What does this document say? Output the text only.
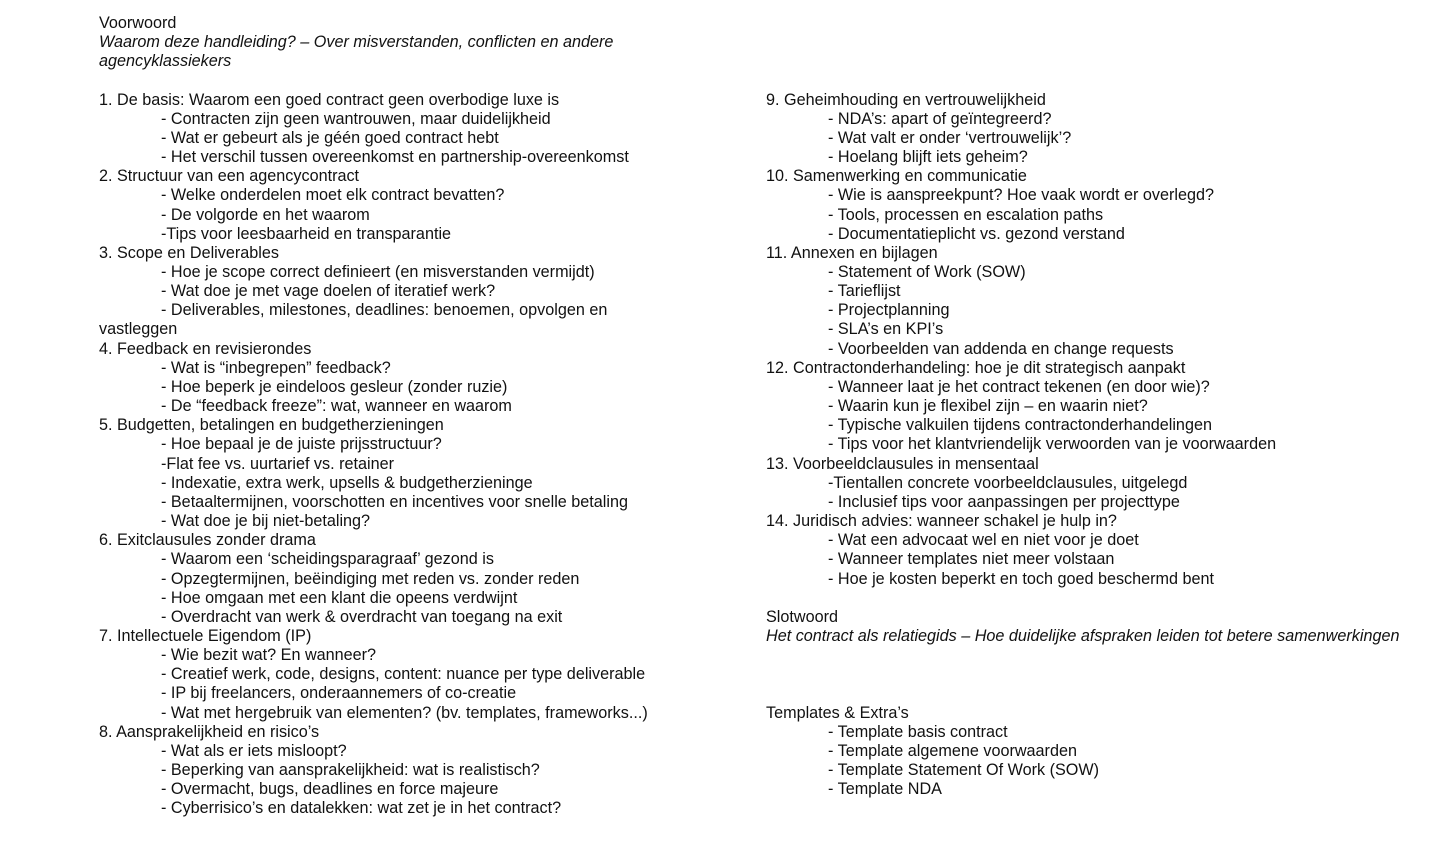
Voorwoord
Waarom deze handleiding? – Over misverstanden, conflicten en andere agencyklassiekers
1. De basis: Waarom een goed contract geen overbodige luxe is
- Contracten zijn geen wantrouwen, maar duidelijkheid
- Wat er gebeurt als je géén goed contract hebt
- Het verschil tussen overeenkomst en partnership-overeenkomst
2. Structuur van een agencycontract
- Welke onderdelen moet elk contract bevatten?
- De volgorde en het waarom
-Tips voor leesbaarheid en transparantie
3. Scope en Deliverables
- Hoe je scope correct definieert (en misverstanden vermijdt)
- Wat doe je met vage doelen of iteratief werk?
- Deliverables, milestones, deadlines: benoemen, opvolgen en
vastleggen
4. Feedback en revisierondes
- Wat is “inbegrepen” feedback?
- Hoe beperk je eindeloos gesleur (zonder ruzie)
- De “feedback freeze”: wat, wanneer en waarom
5. Budgetten, betalingen en budgetherzieningen
- Hoe bepaal je de juiste prijsstructuur?
-Flat fee vs. uurtarief vs. retainer
- Indexatie, extra werk, upsells & budgetherzieninge
- Betaaltermijnen, voorschotten en incentives voor snelle betaling
- Wat doe je bij niet-betaling?
6. Exitclausules zonder drama
- Waarom een ‘scheidingsparagraaf’ gezond is
- Opzegtermijnen, beëindiging met reden vs. zonder reden
- Hoe omgaan met een klant die opeens verdwijnt
- Overdracht van werk & overdracht van toegang na exit
7. Intellectuele Eigendom (IP)
- Wie bezit wat? En wanneer?
- Creatief werk, code, designs, content: nuance per type deliverable
- IP bij freelancers, onderaannemers of co-creatie
- Wat met hergebruik van elementen? (bv. templates, frameworks...)
8. Aansprakelijkheid en risico’s
- Wat als er iets misloopt?
- Beperking van aansprakelijkheid: wat is realistisch?
- Overmacht, bugs, deadlines en force majeure
- Cyberrisico’s en datalekken: wat zet je in het contract?
9. Geheimhouding en vertrouwelijkheid
- NDA’s: apart of geïntegreerd?
- Wat valt er onder ‘vertrouwelijk’?
- Hoelang blijft iets geheim?
10. Samenwerking en communicatie
- Wie is aanspreekpunt? Hoe vaak wordt er overlegd?
- Tools, processen en escalation paths
- Documentatieplicht vs. gezond verstand
11. Annexen en bijlagen
- Statement of Work (SOW)
- Tarieflijst
- Projectplanning
- SLA’s en KPI’s
- Voorbeelden van addenda en change requests
12. Contractonderhandeling: hoe je dit strategisch aanpakt
- Wanneer laat je het contract tekenen (en door wie)?
- Waarin kun je flexibel zijn – en waarin niet?
- Typische valkuilen tijdens contractonderhandelingen
- Tips voor het klantvriendelijk verwoorden van je voorwaarden
13. Voorbeeldclausules in mensentaal
-Tientallen concrete voorbeeldclausules, uitgelegd
- Inclusief tips voor aanpassingen per projecttype
14. Juridisch advies: wanneer schakel je hulp in?
- Wat een advocaat wel en niet voor je doet
- Wanneer templates niet meer volstaan
- Hoe je kosten beperkt en toch goed beschermd bent
Slotwoord
Het contract als relatiegids – Hoe duidelijke afspraken leiden tot betere samenwerkingen
Templates & Extra’s
- Template basis contract
- Template algemene voorwaarden
- Template Statement Of Work (SOW)
- Template NDA
